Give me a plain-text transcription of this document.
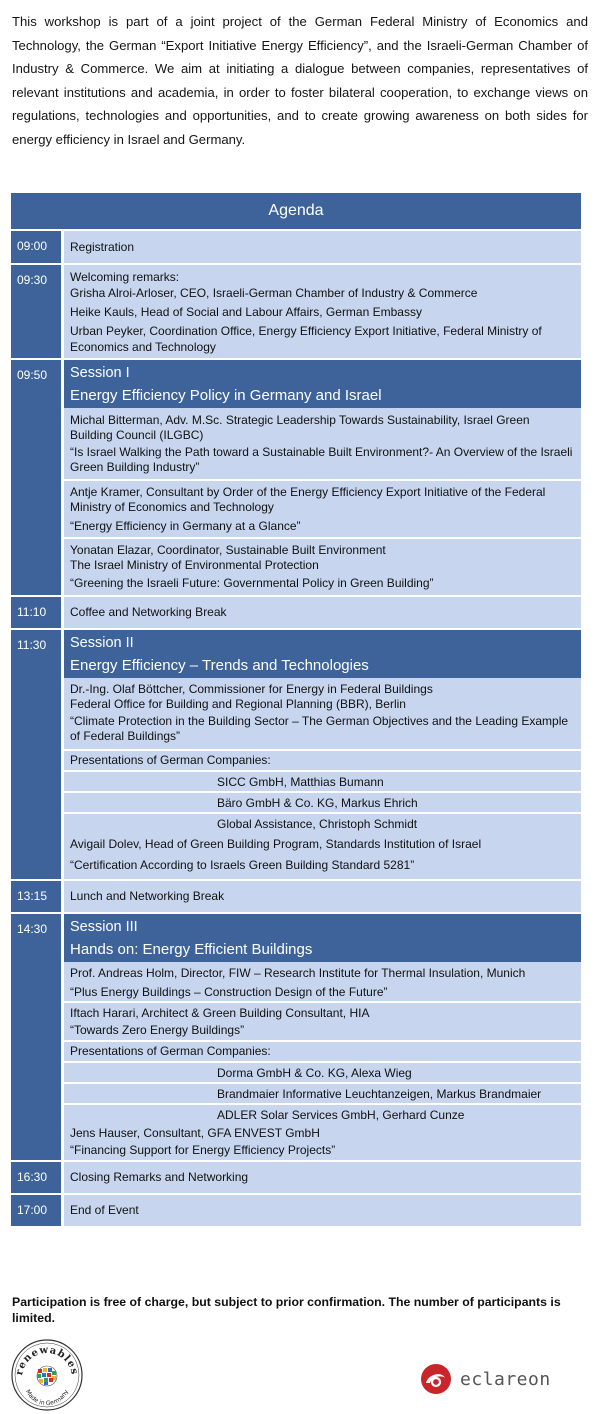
This workshop is part of a joint project of the German Federal Ministry of Economics and Technology, the German “Export Initiative Energy Efficiency”, and the Israeli-German Chamber of Industry & Commerce. We aim at initiating a dialogue between companies, representatives of relevant institutions and academia, in order to foster bilateral cooperation, to exchange views on regulations, technologies and opportunities, and to create growing awareness on both sides for energy efficiency in Israel and Germany.

Agenda
09:00	Registration
09:30	Welcoming remarks:

Grisha Alroi-Arloser, CEO, Israeli-German Chamber of Industry & Commerce

Heike Kauls, Head of Social and Labour Affairs, German Embassy

Urban Peyker, Coordination Office, Energy Efficiency Export Initiative, Federal Ministry of Economics and Technology

09:50	Session I
Energy Efficiency Policy in Germany and Israel

Michal Bitterman, Adv. M.Sc. Strategic Leadership Towards Sustainability, Israel Green Building Council (ILGBC)

“Is Israel Walking the Path toward a Sustainable Built Environment?- An Overview of the Israeli Green Building Industry”

Antje Kramer, Consultant by Order of the Energy Efficiency Export Initiative of the Federal Ministry of Economics and Technology

“Energy Efficiency in Germany at a Glance”

Yonatan Elazar, Coordinator, Sustainable Built Environment

The Israel Ministry of Environmental Protection

“Greening the Israeli Future: Governmental Policy in Green Building”

11:10	Coffee and Networking Break
11:30	Session II
Energy Efficiency – Trends and Technologies

Dr.-Ing. Olaf Böttcher, Commissioner for Energy in Federal Buildings

Federal Office for Building and Regional Planning (BBR), Berlin

“Climate Protection in the Building Sector – The German Objectives and the Leading Example of Federal Buildings”

Presentations of German Companies:
SICC GmbH, Matthias Bumann
Bäro GmbH & Co. KG, Markus Ehrich
Global Assistance, Christoph Schmidt

Avigail Dolev, Head of Green Building Program, Standards Institution of Israel

“Certification According to Israels Green Building Standard 5281”

13:15	Lunch and Networking Break
14:30	Session III
Hands on: Energy Efficient Buildings

Prof. Andreas Holm, Director, FIW – Research Institute for Thermal Insulation, Munich

“Plus Energy Buildings – Construction Design of the Future”

Iftach Harari, Architect & Green Building Consultant, HIA

“Towards Zero Energy Buildings”

Presentations of German Companies:
Dorma GmbH & Co. KG, Alexa Wieg
Brandmaier Informative Leuchtanzeigen, Markus Brandmaier
ADLER Solar Services GmbH, Gerhard Cunze

Jens Hauser, Consultant, GFA ENVEST GmbH

“Financing Support for Energy Efficiency Projects”

16:30	Closing Remarks and Networking
17:00	End of Event

Participation is free of charge, but subject to prior confirmation. The number of participants is limited.

renewables
Made in Germany
eclareon
